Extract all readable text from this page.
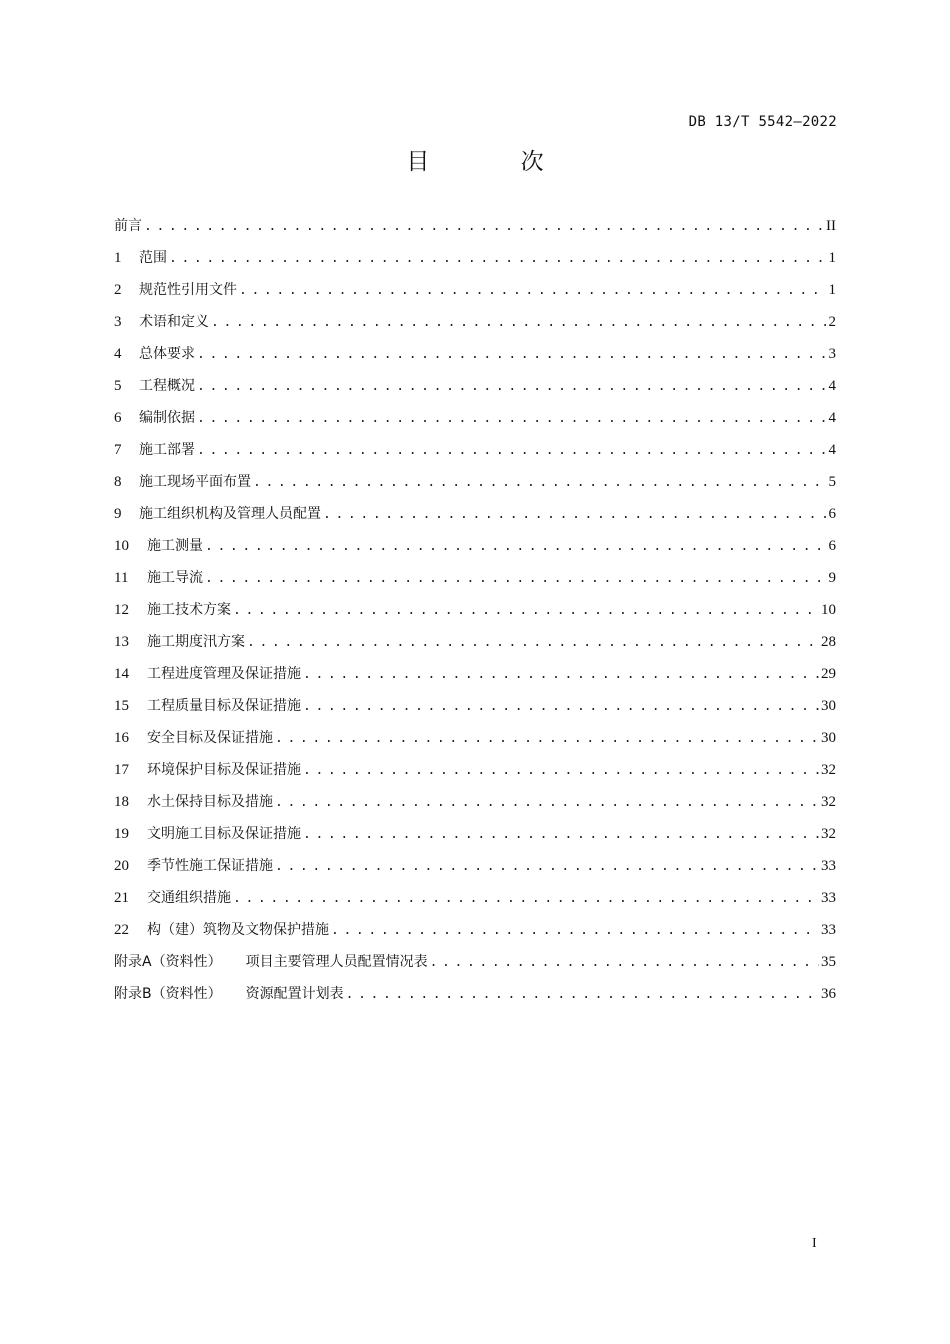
DB 13/T 5542—2022
目 次
前言 . . .	II
1	范围 . . .	1
2	规范性引用文件 . . .	1
3	术语和定义 . . .	2
4	总体要求 . . .	3
5	工程概况 . . .	4
6	编制依据 . . .	4
7	施工部署 . . .	4
8	施工现场平面布置 . . .	5
9	施工组织机构及管理人员配置 . . .	6
10	施工测量 . . .	6
11	施工导流 . . .	9
12	施工技术方案 . . .	10
13	施工期度汛方案 . . .	28
14	工程进度管理及保证措施 . . .	29
15	工程质量目标及保证措施 . . .	30
16	安全目标及保证措施 . . .	30
17	环境保护目标及保证措施 . . .	32
18	水土保持目标及措施 . . .	32
19	文明施工目标及保证措施 . . .	32
20	季节性施工保证措施 . . .	33
21	交通组织措施 . . .	33
22	构（建）筑物及文物保护措施 . . .	33
附录A（资料性） 项目主要管理人员配置情况表 . . .	35
附录B（资料性） 资源配置计划表 . . .	36
I
